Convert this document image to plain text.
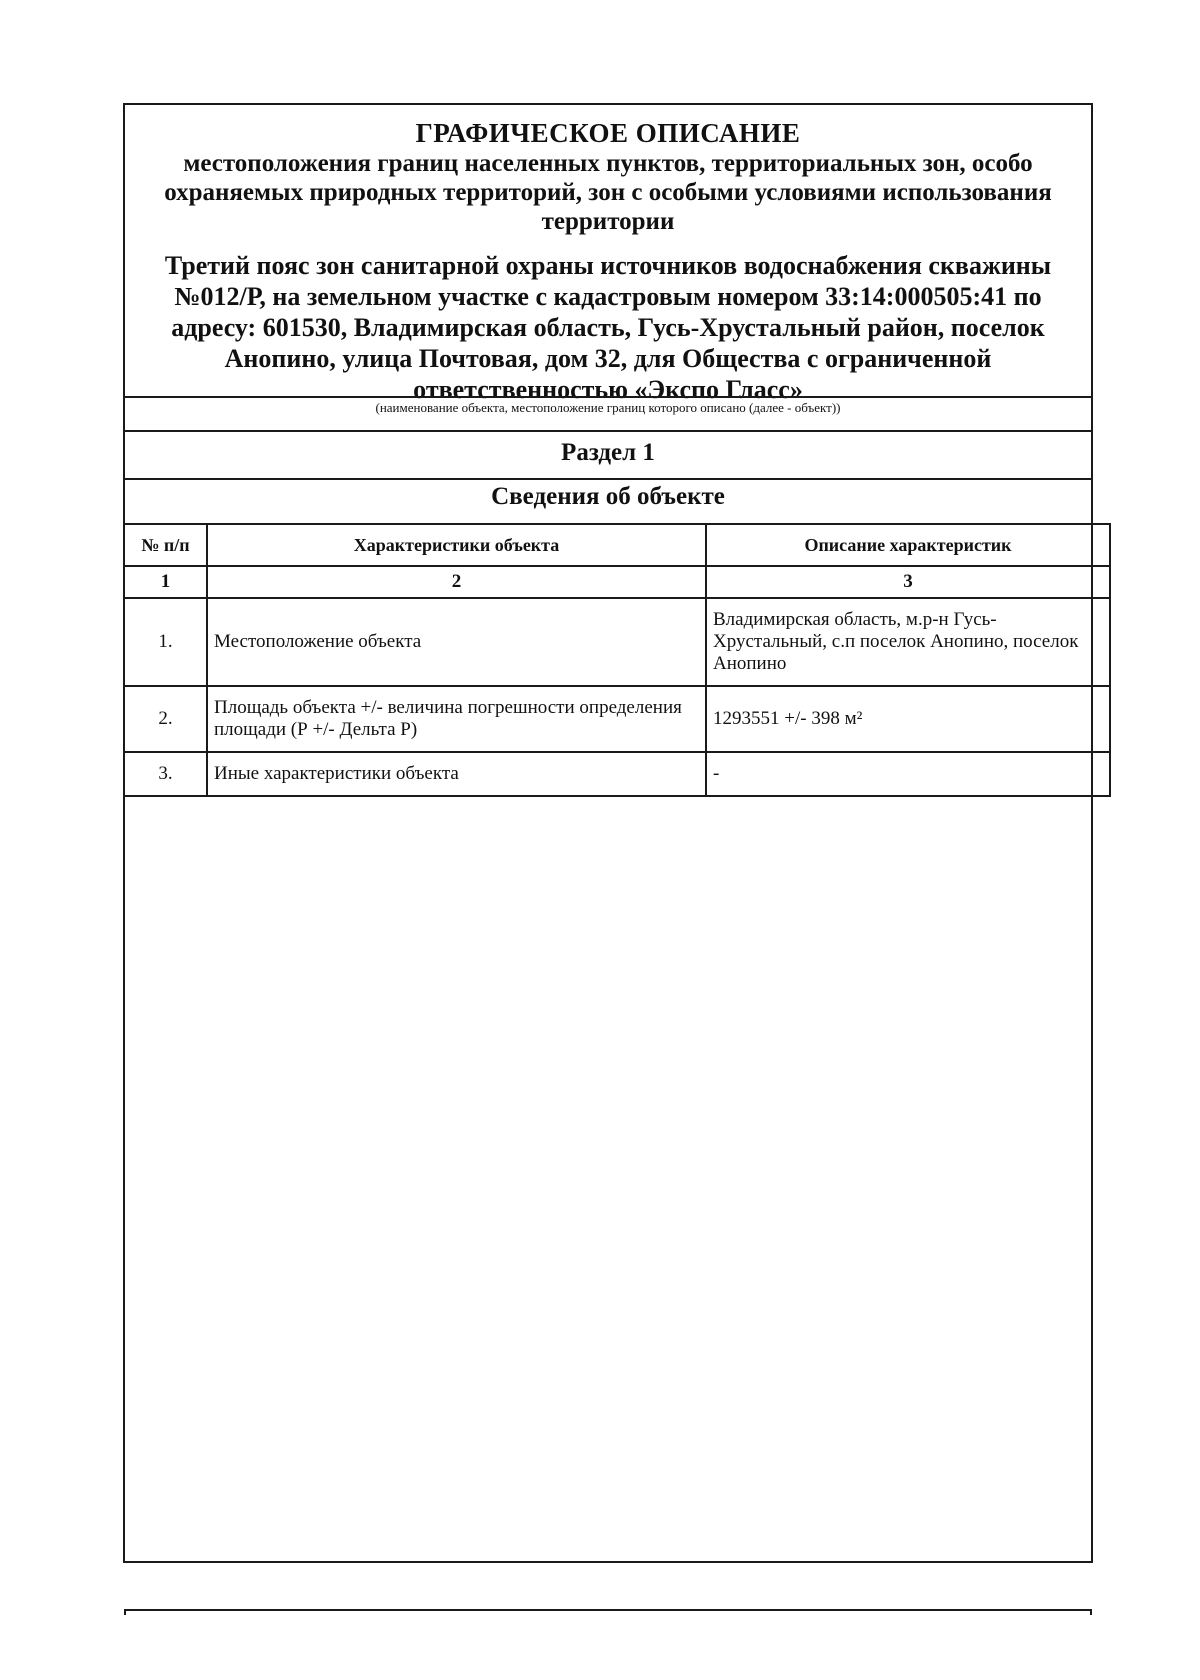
ГРАФИЧЕСКОЕ ОПИСАНИЕ
местоположения границ населенных пунктов, территориальных зон, особо охраняемых природных территорий, зон с особыми условиями использования территории
Третий пояс зон санитарной охраны источников водоснабжения скважины №012/Р, на земельном участке с кадастровым номером 33:14:000505:41 по адресу: 601530, Владимирская область, Гусь-Хрустальный район, поселок Анопино, улица Почтовая, дом 32, для Общества с ограниченной ответственностью «Экспо Гласс»
(наименование объекта, местоположение границ которого описано (далее - объект))
Раздел 1
Сведения об объекте
№ п/п	Характеристики объекта	Описание характеристик
1	2	3
1.	Местоположение объекта	Владимирская область, м.р-н Гусь-Хрустальный, с.п поселок Анопино, поселок Анопино
2.	Площадь объекта +/- величина погрешности определения площади (Р +/- Дельта Р)	1293551 +/- 398 м²
3.	Иные характеристики объекта	-
